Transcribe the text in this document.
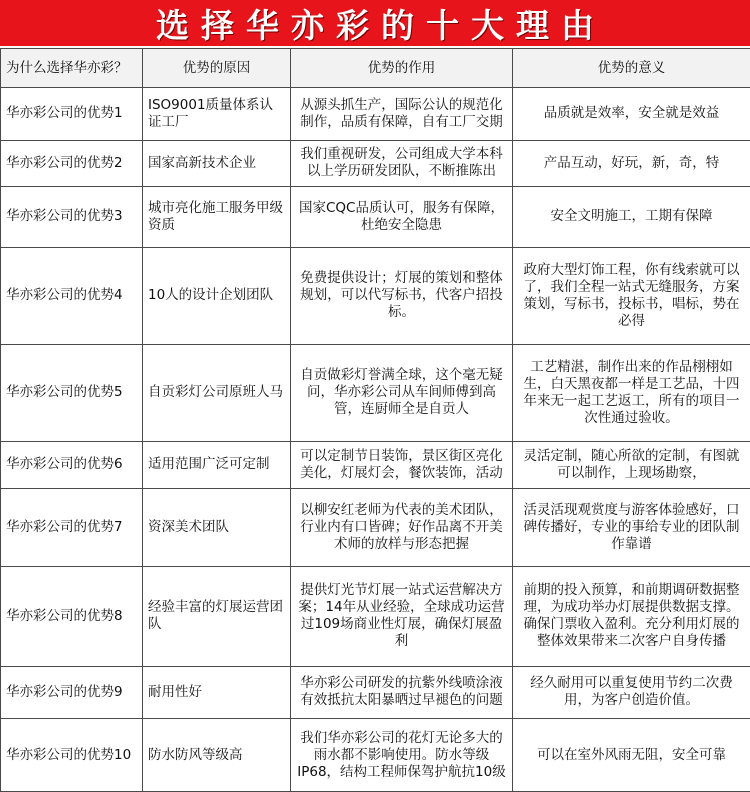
选择华亦彩的十大理由
为什么选择华亦彩？	优势的原因	优势的作用	优势的意义
华亦彩公司的优势1	ISO9001质量体系认证工厂	从源头抓生产，国际公认的规范化制作，品质有保障，自有工厂交期	品质就是效率，安全就是效益
华亦彩公司的优势2	国家高新技术企业	我们重视研发，公司组成大学本科以上学历研发团队，不断推陈出	产品互动，好玩，新，奇，特
华亦彩公司的优势3	城市亮化施工服务甲级资质	国家CQC品质认可，服务有保障，杜绝安全隐患	安全文明施工，工期有保障
华亦彩公司的优势4	10人的设计企划团队	免费提供设计；灯展的策划和整体规划，可以代写标书，代客户招投标。	政府大型灯饰工程，你有线索就可以了，我们全程一站式无缝服务，方案策划，写标书，投标书，唱标，势在必得
华亦彩公司的优势5	自贡彩灯公司原班人马	自贡做彩灯誉满全球，这个毫无疑问，华亦彩公司从车间师傅到高管，连厨师全是自贡人	工艺精湛，制作出来的作品栩栩如生，白天黑夜都一样是工艺品，十四年来无一起工艺返工，所有的项目一次性通过验收。
华亦彩公司的优势6	适用范围广泛可定制	可以定制节日装饰，景区街区亮化美化，灯展灯会，餐饮装饰，活动	灵活定制，随心所欲的定制，有图就可以制作，上现场勘察，
华亦彩公司的优势7	资深美术团队	以柳安红老师为代表的美术团队，行业内有口皆碑；好作品离不开美术师的放样与形态把握	活灵活现观赏度与游客体验感好，口碑传播好，专业的事给专业的团队制作靠谱
华亦彩公司的优势8	经验丰富的灯展运营团队	提供灯光节灯展一站式运营解决方案；14年从业经验，全球成功运营过109场商业性灯展，确保灯展盈利	前期的投入预算，和前期调研数据整理，为成功举办灯展提供数据支撑。确保门票收入盈利。充分利用灯展的整体效果带来二次客户自身传播
华亦彩公司的优势9	耐用性好	华亦彩公司研发的抗紫外线喷涂液有效抵抗太阳暴晒过早褪色的问题	经久耐用可以重复使用节约二次费用，为客户创造价值。
华亦彩公司的优势10	防水防风等级高	我们华亦彩公司的花灯无论多大的雨水都不影响使用。防水等级IP68，结构工程师保驾护航抗10级	可以在室外风雨无阻，安全可靠
